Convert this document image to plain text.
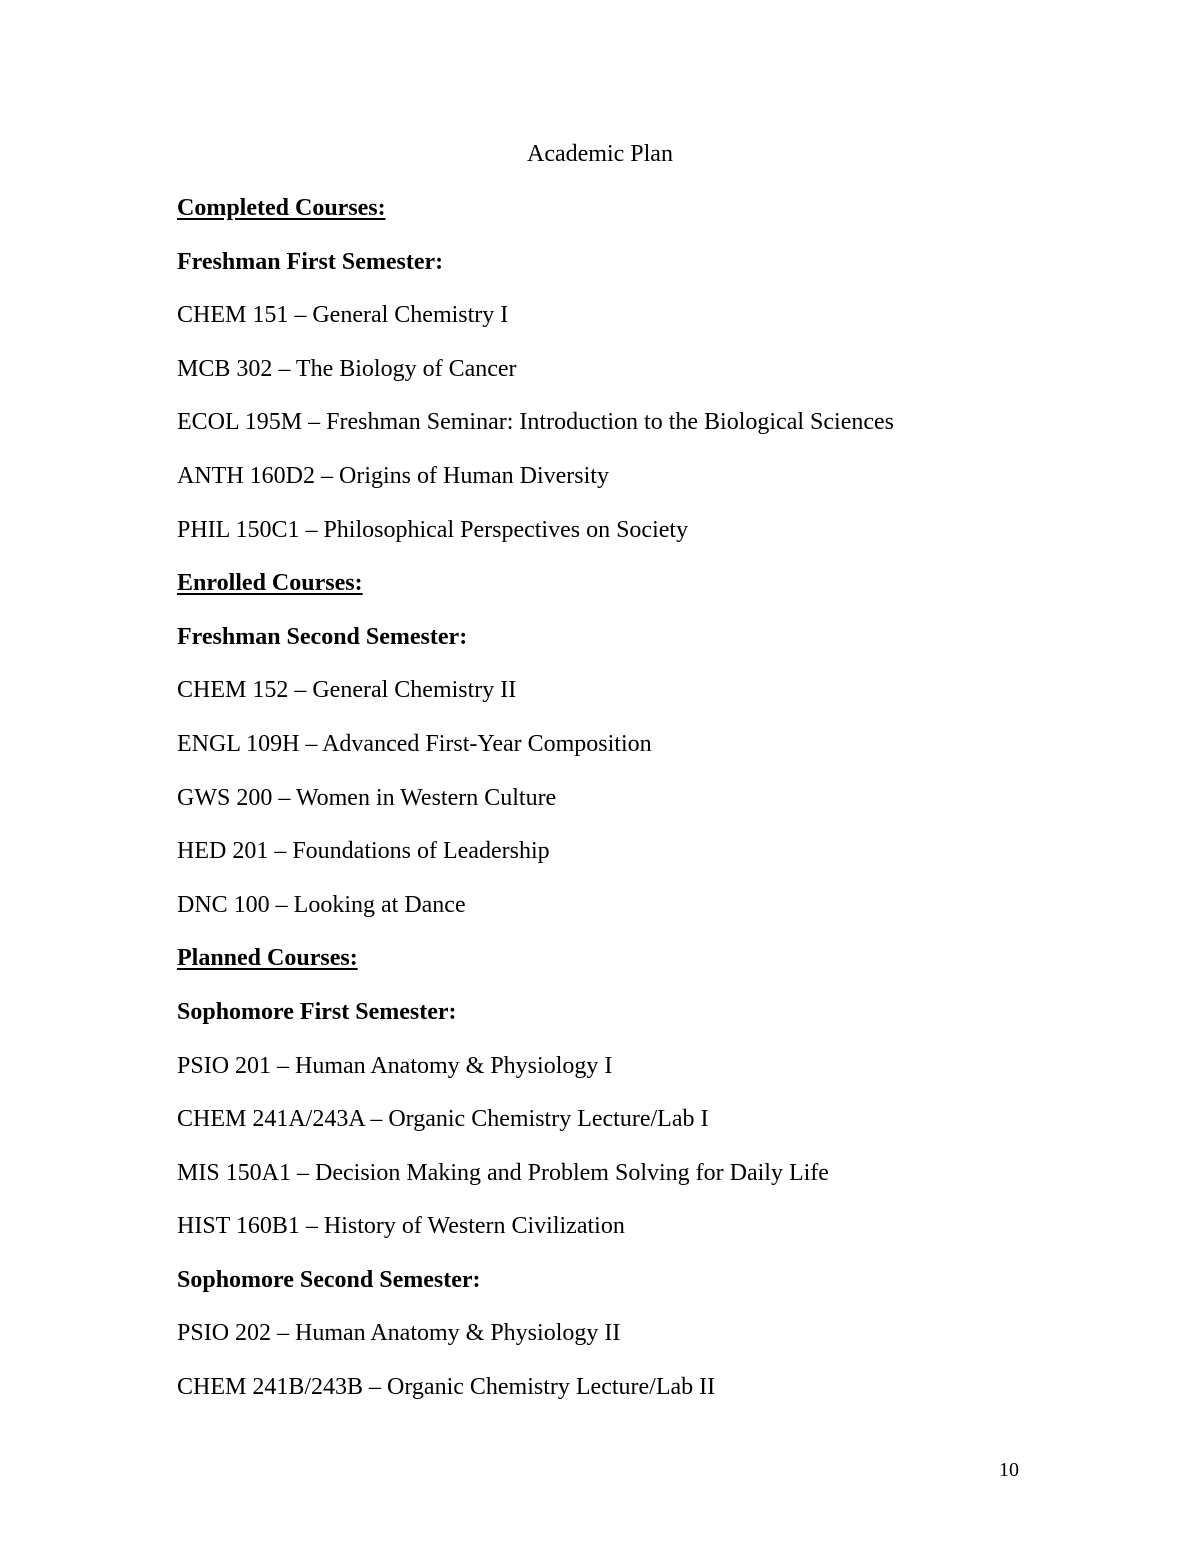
Academic Plan
Completed Courses:
Freshman First Semester:
CHEM 151 – General Chemistry I
MCB 302 – The Biology of Cancer
ECOL 195M – Freshman Seminar: Introduction to the Biological Sciences
ANTH 160D2 – Origins of Human Diversity
PHIL 150C1 – Philosophical Perspectives on Society
Enrolled Courses:
Freshman Second Semester:
CHEM 152 – General Chemistry II
ENGL 109H – Advanced First-Year Composition
GWS 200 – Women in Western Culture
HED 201 – Foundations of Leadership
DNC 100 – Looking at Dance
Planned Courses:
Sophomore First Semester:
PSIO 201 – Human Anatomy & Physiology I
CHEM 241A/243A – Organic Chemistry Lecture/Lab I
MIS 150A1 – Decision Making and Problem Solving for Daily Life
HIST 160B1 – History of Western Civilization
Sophomore Second Semester:
PSIO 202 – Human Anatomy & Physiology II
CHEM 241B/243B – Organic Chemistry Lecture/Lab II
10
